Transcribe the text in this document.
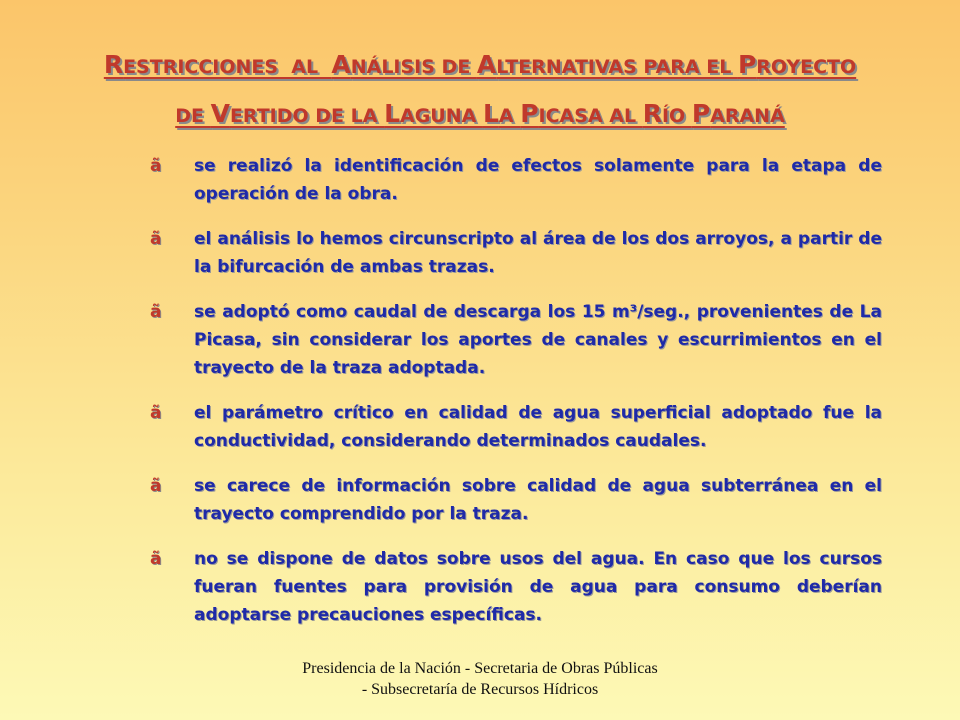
RESTRICCIONES  AL  ANÁLISIS DE ALTERNATIVAS PARA EL PROYECTO
DE VERTIDO DE LA LAGUNA LA PICASA AL RÍO PARANÁ
ã	se realizó la identificación de efectos solamente para la etapa de operación de la obra.
ã	el análisis lo hemos circunscripto al área de los dos arroyos, a partir de la bifurcación de ambas trazas.
ã	se adoptó como caudal de descarga los 15 m³/seg., provenientes de La Picasa, sin considerar los aportes de canales y escurrimientos en el trayecto de la traza adoptada.
ã	el parámetro crítico en calidad de agua superficial adoptado fue la conductividad, considerando determinados caudales.
ã	se carece de información sobre calidad de agua subterránea en el trayecto comprendido por la traza.
ã	no se dispone de datos sobre usos del agua. En caso que los cursos fueran fuentes para provisión de agua para consumo deberían adoptarse precauciones específicas.
Presidencia de la Nación - Secretaria de Obras Públicas - Subsecretaría de Recursos Hídricos
